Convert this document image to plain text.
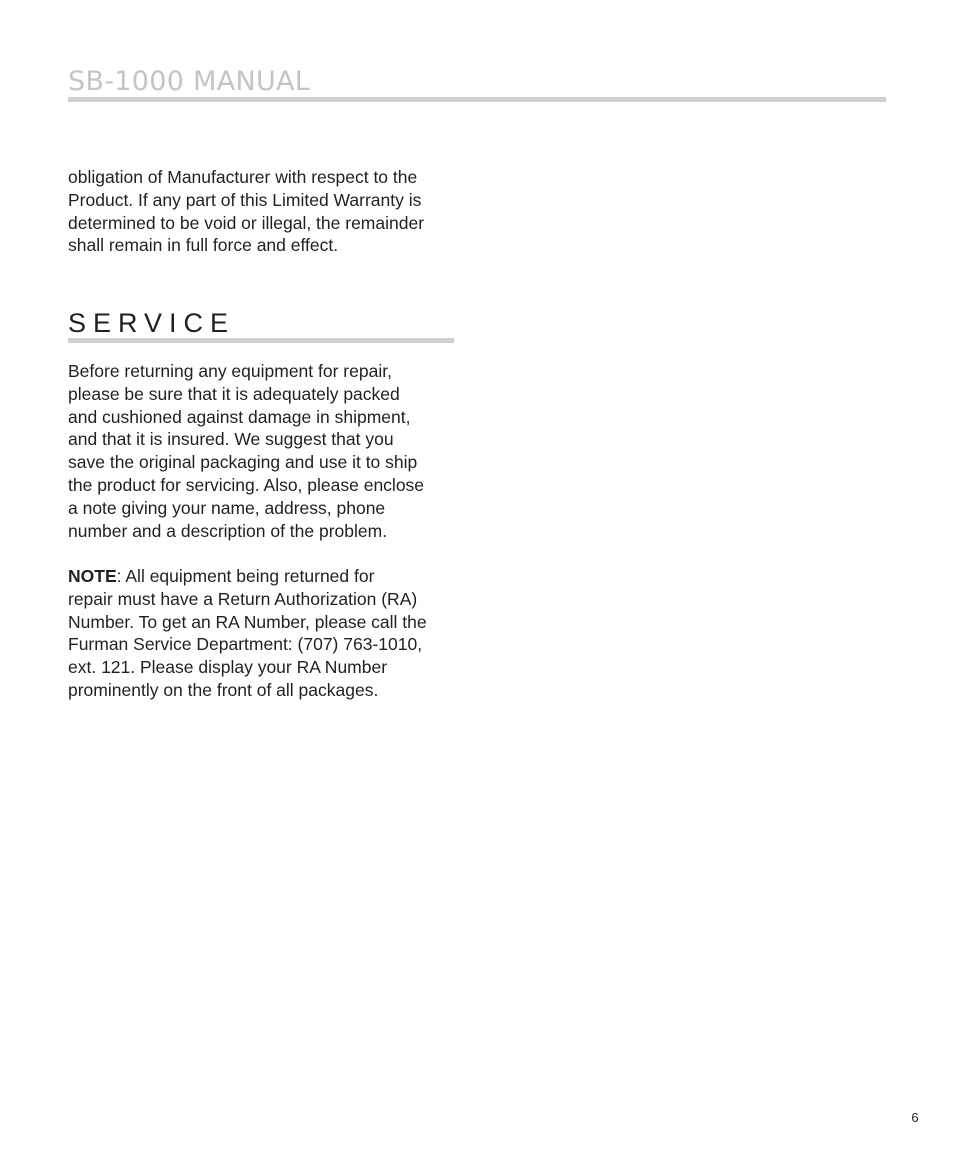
SB-1000 MANUAL

obligation of Manufacturer with respect to the
Product. If any part of this Limited Warranty is
determined to be void or illegal, the remainder
shall remain in full force and effect.

SERVICE

Before returning any equipment for repair,
please be sure that it is adequately packed
and cushioned against damage in shipment,
and that it is insured. We suggest that you
save the original packaging and use it to ship
the product for servicing. Also, please enclose
a note giving your name, address, phone
number and a description of the problem.

NOTE: All equipment being returned for
repair must have a Return Authorization (RA)
Number. To get an RA Number, please call the
Furman Service Department: (707) 763-1010,
ext. 121. Please display your RA Number
prominently on the front of all packages.

6
